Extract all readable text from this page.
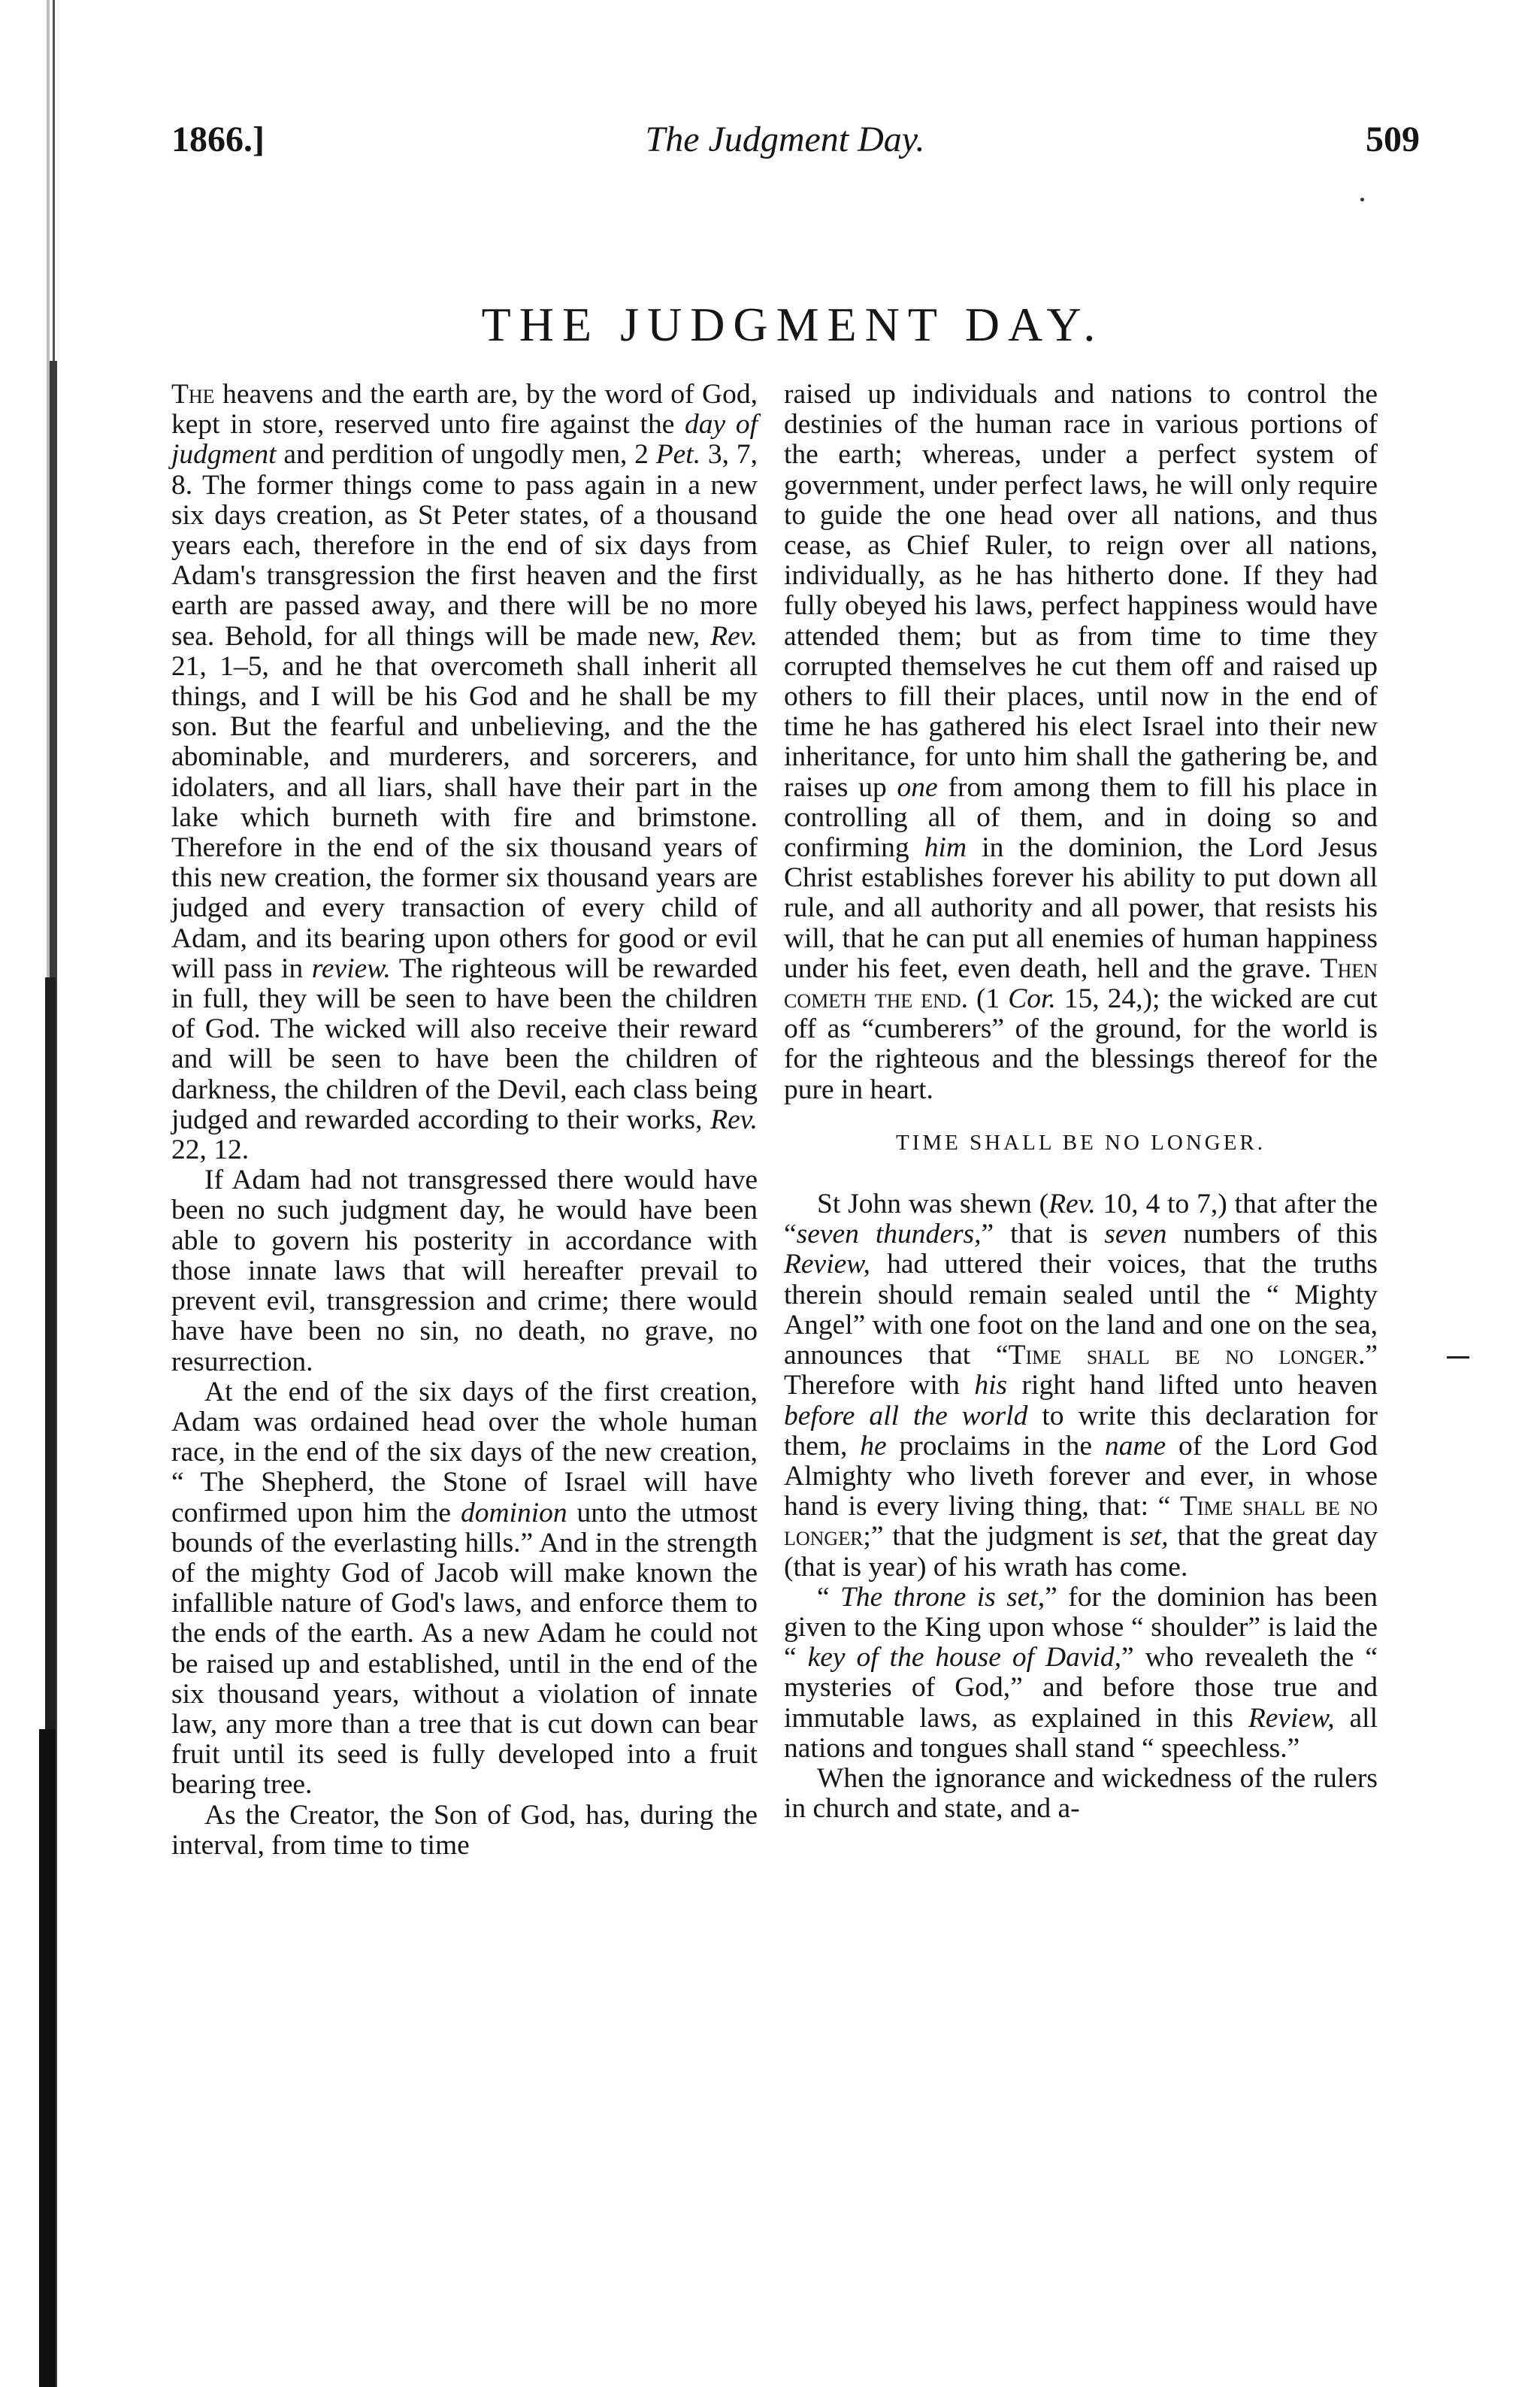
1866.]	The Judgment Day.	509
THE JUDGMENT DAY.

The heavens and the earth are, by the word of God, kept in store, reserved unto fire against the day of judgment and perdition of ungodly men, 2 Pet. 3, 7, 8. The former things come to pass again in a new six days creation, as St Peter states, of a thousand years each, therefore in the end of six days from Adam's transgression the first heaven and the first earth are passed away, and there will be no more sea. Behold, for all things will be made new, Rev. 21, 1–5, and he that overcometh shall inherit all things, and I will be his God and he shall be my son. But the fearful and unbelieving, and the the abominable, and murderers, and sorcerers, and idolaters, and all liars, shall have their part in the lake which burneth with fire and brimstone. Therefore in the end of the six thousand years of this new creation, the former six thousand years are judged and every transaction of every child of Adam, and its bearing upon others for good or evil will pass in review. The righteous will be rewarded in full, they will be seen to have been the children of God. The wicked will also receive their reward and will be seen to have been the children of darkness, the children of the Devil, each class being judged and rewarded according to their works, Rev. 22, 12.

If Adam had not transgressed there would have been no such judgment day, he would have been able to govern his posterity in accordance with those innate laws that will hereafter prevail to prevent evil, transgression and crime; there would have have been no sin, no death, no grave, no resurrection.

At the end of the six days of the first creation, Adam was ordained head over the whole human race, in the end of the six days of the new creation, “ The Shepherd, the Stone of Israel will have confirmed upon him the dominion unto the utmost bounds of the everlasting hills.” And in the strength of the mighty God of Jacob will make known the infallible nature of God's laws, and enforce them to the ends of the earth. As a new Adam he could not be raised up and established, until in the end of the six thousand years, without a violation of innate law, any more than a tree that is cut down can bear fruit until its seed is fully developed into a fruit bearing tree.

As the Creator, the Son of God, has, during the interval, from time to time

raised up individuals and nations to control the destinies of the human race in various portions of the earth; whereas, under a perfect system of government, under perfect laws, he will only require to guide the one head over all nations, and thus cease, as Chief Ruler, to reign over all nations, individually, as he has hitherto done. If they had fully obeyed his laws, perfect happiness would have attended them; but as from time to time they corrupted themselves he cut them off and raised up others to fill their places, until now in the end of time he has gathered his elect Israel into their new inheritance, for unto him shall the gathering be, and raises up one from among them to fill his place in controlling all of them, and in doing so and confirming him in the dominion, the Lord Jesus Christ establishes forever his ability to put down all rule, and all authority and all power, that resists his will, that he can put all enemies of human happiness under his feet, even death, hell and the grave. Then cometh the end. (1 Cor. 15, 24,); the wicked are cut off as “cumberers” of the ground, for the world is for the righteous and the blessings thereof for the pure in heart.

TIME SHALL BE NO LONGER.

St John was shewn (Rev. 10, 4 to 7,) that after the “seven thunders,” that is seven numbers of this Review, had uttered their voices, that the truths therein should remain sealed until the “ Mighty Angel” with one foot on the land and one on the sea, announces that “Time shall be no longer.” Therefore with his right hand lifted unto heaven before all the world to write this declaration for them, he proclaims in the name of the Lord God Almighty who liveth forever and ever, in whose hand is every living thing, that: “ Time shall be no longer;” that the judgment is set, that the great day (that is year) of his wrath has come.

“ The throne is set,” for the dominion has been given to the King upon whose “ shoulder” is laid the “ key of the house of David,” who revealeth the “ mysteries of God,” and before those true and immutable laws, as explained in this Review, all nations and tongues shall stand “ speechless.”

When the ignorance and wickedness of the rulers in church and state, and a-
